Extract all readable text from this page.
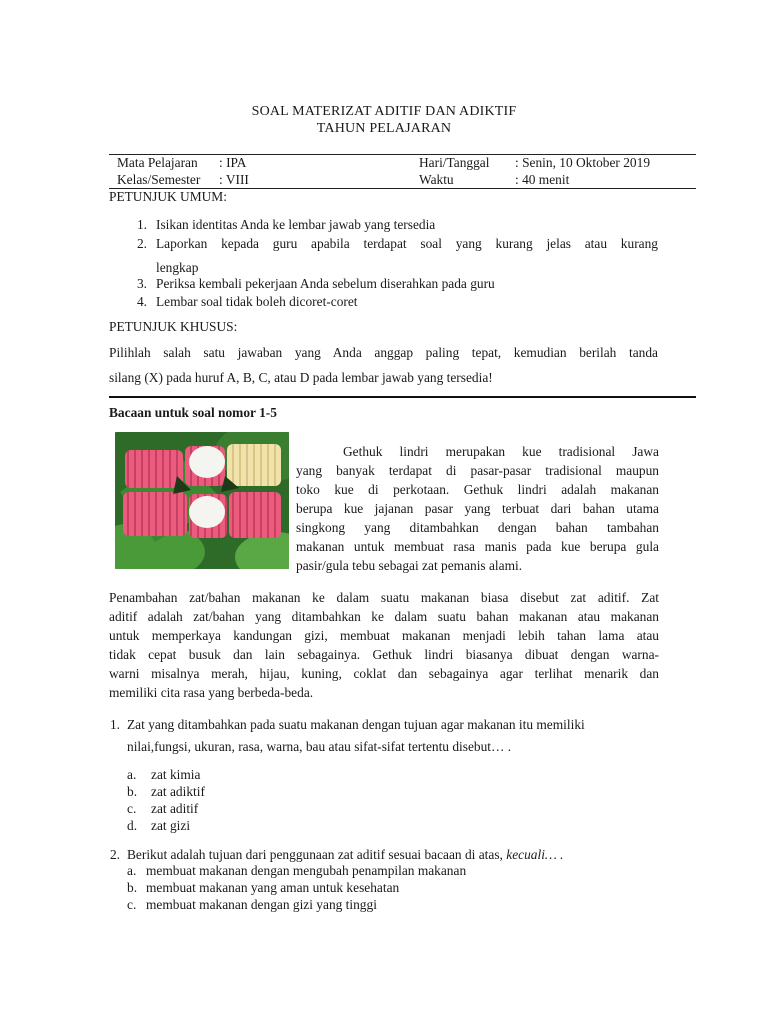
SOAL MATERIZAT ADITIF DAN ADIKTIF
TAHUN PELAJARAN
Mata Pelajaran : IPA
Kelas/Semester : VIII
Hari/Tanggal : Senin, 10 Oktober 2019
Waktu	: 40 menit
PETUNJUK UMUM:
1. Isikan identitas Anda ke lembar jawab yang tersedia
2. Laporkan kepada guru apabila terdapat soal yang kurang jelas atau kurang
lengkap
3. Periksa kembali pekerjaan Anda sebelum diserahkan pada guru
4. Lembar soal tidak boleh dicoret-coret
PETUNJUK KHUSUS:
Pilihlah salah satu jawaban yang Anda anggap paling tepat, kemudian berilah tanda
silang (X) pada huruf A, B, C, atau D pada lembar jawab yang tersedia!
Bacaan untuk soal nomor 1-5
Gethuk lindri merupakan kue tradisional Jawa
yang banyak terdapat di pasar-pasar tradisional maupun
toko kue di perkotaan. Gethuk lindri adalah makanan
berupa kue jajanan pasar yang terbuat dari bahan utama
singkong yang ditambahkan dengan bahan tambahan
makanan untuk membuat rasa manis pada kue berupa gula
pasir/gula tebu sebagai zat pemanis alami.
Penambahan zat/bahan makanan ke dalam suatu makanan biasa disebut zat aditif. Zat
aditif adalah zat/bahan yang ditambahkan ke dalam suatu bahan makanan atau makanan
untuk memperkaya kandungan gizi, membuat makanan menjadi lebih tahan lama atau
tidak cepat busuk dan lain sebagainya. Gethuk lindri biasanya dibuat dengan warna-
warni misalnya merah, hijau, kuning, coklat dan sebagainya agar terlihat menarik dan
memiliki cita rasa yang berbeda-beda.
1. Zat yang ditambahkan pada suatu makanan dengan tujuan agar makanan itu memiliki
nilai,fungsi, ukuran, rasa, warna, bau atau sifat-sifat tertentu disebut… .
a. zat kimia
b. zat adiktif
c. zat aditif
d. zat gizi
2. Berikut adalah tujuan dari penggunaan zat aditif sesuai bacaan di atas, kecuali… .
a. membuat makanan dengan mengubah penampilan makanan
b. membuat makanan yang aman untuk kesehatan
c. membuat makanan dengan gizi yang tinggi
